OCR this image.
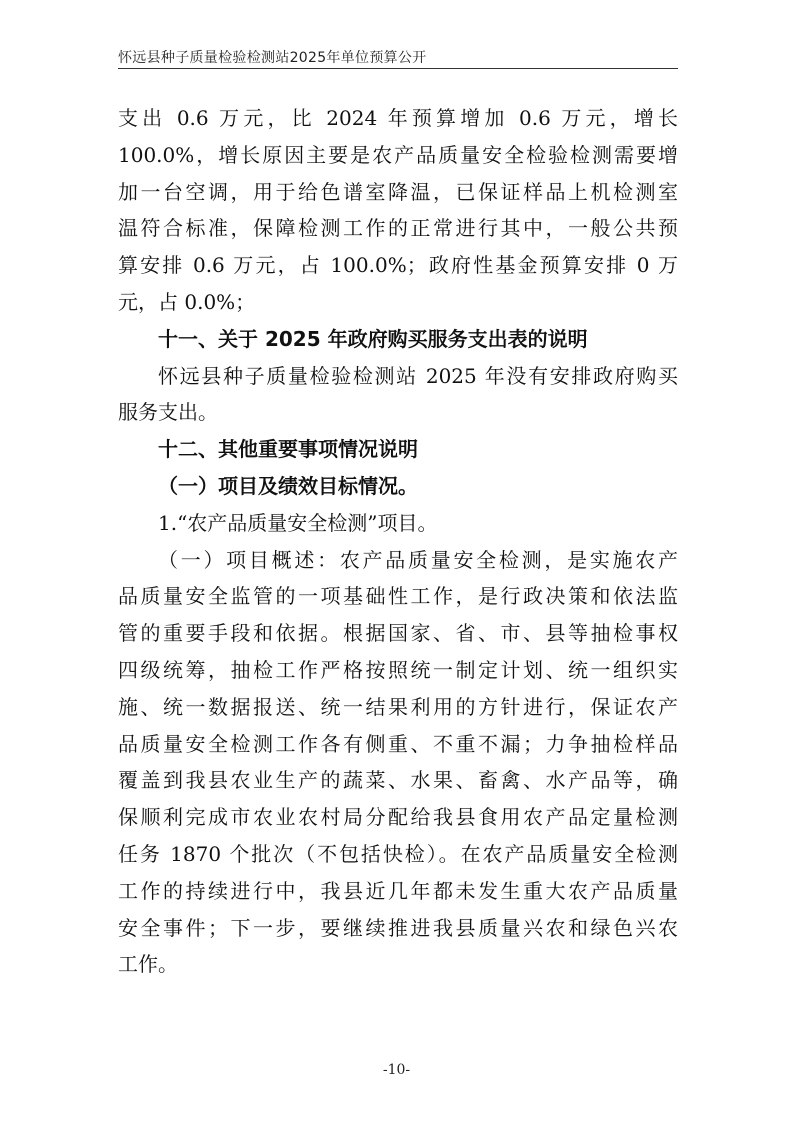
怀远县种子质量检验检测站2025年单位预算公开
支出 0.6 万元，比 2024 年预算增加 0.6 万元，增长
100.0%，增长原因主要是农产品质量安全检验检测需要增
加一台空调，用于给色谱室降温，已保证样品上机检测室
温符合标准，保障检测工作的正常进行其中，一般公共预
算安排 0.6 万元，占 100.0%；政府性基金预算安排 0 万
元，占 0.0%；
十一、关于 2025 年政府购买服务支出表的说明
怀远县种子质量检验检测站 2025 年没有安排政府购买
服务支出。
十二、其他重要事项情况说明
（一）项目及绩效目标情况。
1.“农产品质量安全检测”项目。
（一）项目概述：农产品质量安全检测，是实施农产
品质量安全监管的一项基础性工作，是行政决策和依法监
管的重要手段和依据。根据国家、省、市、县等抽检事权
四级统筹，抽检工作严格按照统一制定计划、统一组织实
施、统一数据报送、统一结果利用的方针进行，保证农产
品质量安全检测工作各有侧重、不重不漏；力争抽检样品
覆盖到我县农业生产的蔬菜、水果、畜禽、水产品等，确
保顺利完成市农业农村局分配给我县食用农产品定量检测
任务 1870 个批次（不包括快检）。在农产品质量安全检测
工作的持续进行中，我县近几年都未发生重大农产品质量
安全事件；下一步，要继续推进我县质量兴农和绿色兴农
工作。
-10-
